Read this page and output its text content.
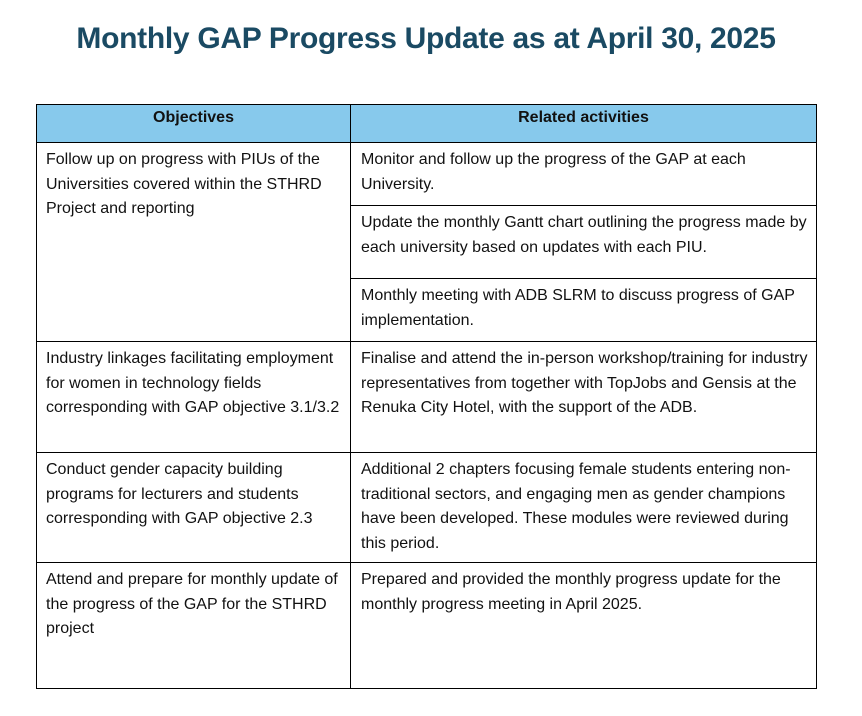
Monthly GAP Progress Update as at April 30, 2025
Objectives	Related activities
Follow up on progress with PIUs of the Universities covered within the STHRD Project and reporting	Monitor and follow up the progress of the GAP at each University.
	Update the monthly Gantt chart outlining the progress made by each university based on updates with each PIU.
	Monthly meeting with ADB SLRM to discuss progress of GAP implementation.
Industry linkages facilitating employment for women in technology fields corresponding with GAP objective 3.1/3.2	Finalise and attend the in-person workshop/training for industry representatives from together with TopJobs and Gensis at the Renuka City Hotel, with the support of the ADB.
Conduct gender capacity building programs for lecturers and students corresponding with GAP objective 2.3	Additional 2 chapters focusing female students entering non-traditional sectors, and engaging men as gender champions have been developed. These modules were reviewed during this period.
Attend and prepare for monthly update of the progress of the GAP for the STHRD project	Prepared and provided the monthly progress update for the monthly progress meeting in April 2025.
